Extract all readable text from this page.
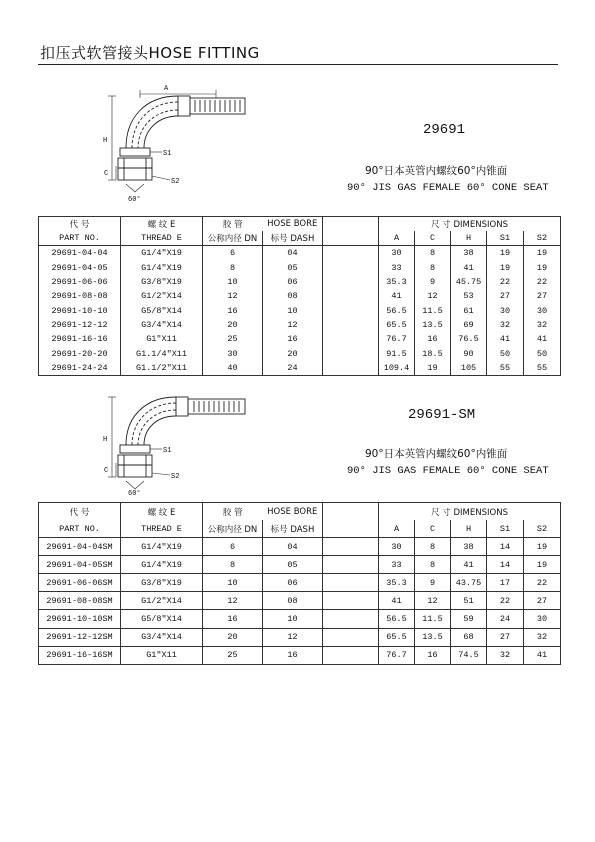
扣压式软管接头HOSE FITTING
A
H
C
S1
S2
60°
29691
90°日本英管内螺纹60°内锥面
90° JIS GAS FEMALE 60° CONE SEAT
代 号	螺 纹 E	胶 管	HOSE BORE		尺 寸 DIMENSIONS				
PART NO.	THREAD E	公称内径 DN	标号 DASH		A	C	H	S1	S2
29691-04-04	G1/4″X19	6	04		30	8	38	19	19
29691-04-05	G1/4″X19	8	05		33	8	41	19	19
29691-06-06	G3/8″X19	10	06		35.3	9	45.75	22	22
29691-08-08	G1/2″X14	12	08		41	12	53	27	27
29691-10-10	G5/8″X14	16	10		56.5	11.5	61	30	30
29691-12-12	G3/4″X14	20	12		65.5	13.5	69	32	32
29691-16-16	G1″X11	25	16		76.7	16	76.5	41	41
29691-20-20	G1.1/4″X11	30	20		91.5	18.5	90	50	50
29691-24-24	G1.1/2″X11	40	24		109.4	19	105	55	55
H
C
S1
S2
60°
29691-SM
90°日本英管内螺纹60°内锥面
90° JIS GAS FEMALE 60° CONE SEAT
代 号	螺 纹 E	胶 管	HOSE BORE		尺 寸 DIMENSIONS				
PART NO.	THREAD E	公称内径 DN	标号 DASH		A	C	H	S1	S2
29691-04-04SM	G1/4″X19	6	04		30	8	38	14	19
29691-04-05SM	G1/4″X19	8	05		33	8	41	14	19
29691-06-06SM	G3/8″X19	10	06		35.3	9	43.75	17	22
29691-08-08SM	G1/2″X14	12	08		41	12	51	22	27
29691-10-10SM	G5/8″X14	16	10		56.5	11.5	59	24	30
29691-12-12SM	G3/4″X14	20	12		65.5	13.5	68	27	32
29691-16-16SM	G1″X11	25	16		76.7	16	74.5	32	41
